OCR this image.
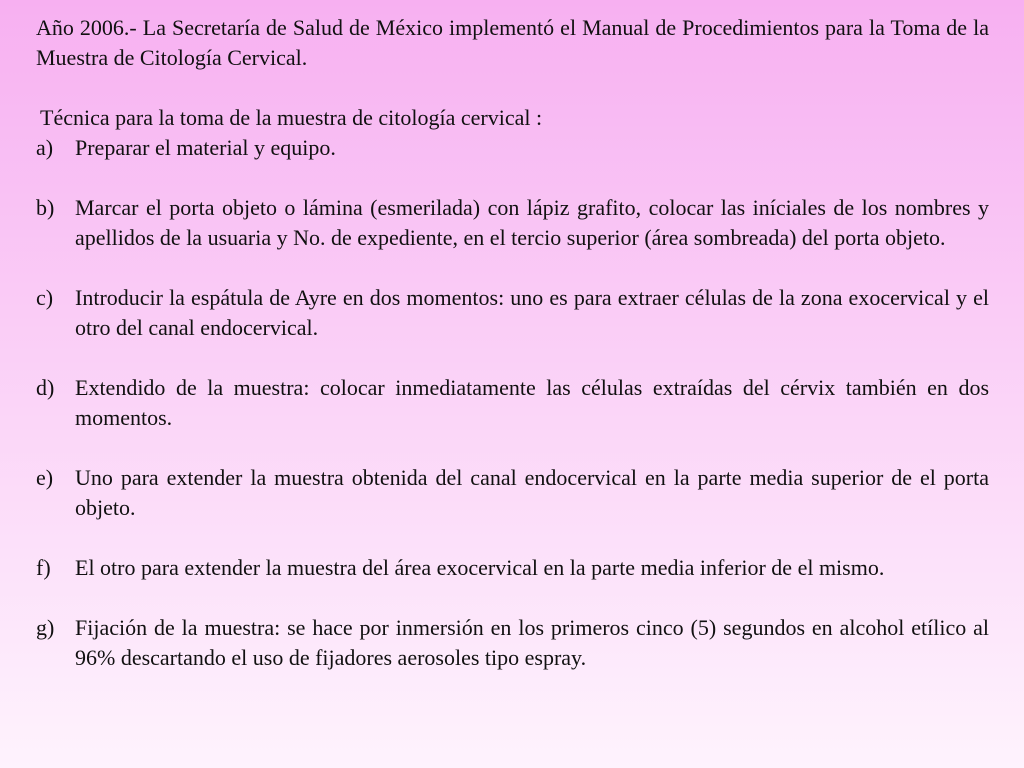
Año 2006.- La Secretaría de Salud de México implementó el Manual de Procedimientos para la Toma de la Muestra de Citología Cervical.

Técnica para la toma de la muestra de citología cervical :

a) Preparar el material y equipo.
b) Marcar el porta objeto o lámina (esmerilada) con lápiz grafito, colocar las iníciales de los nombres y apellidos de la usuaria y No. de expediente, en el tercio superior (área sombreada) del porta objeto.
c) Introducir la espátula de Ayre en dos momentos: uno es para extraer células de la zona exocervical y el otro del canal endocervical.
d) Extendido de la muestra: colocar inmediatamente las células extraídas del cérvix también en dos momentos.
e) Uno para extender la muestra obtenida del canal endocervical en la parte media superior de el porta objeto.
f)	El otro para extender la muestra del área exocervical en la parte media inferior de el mismo.
g) Fijación de la muestra: se hace por inmersión en los primeros cinco (5) segundos en alcohol etílico al 96% descartando el uso de fijadores aerosoles tipo espray.
